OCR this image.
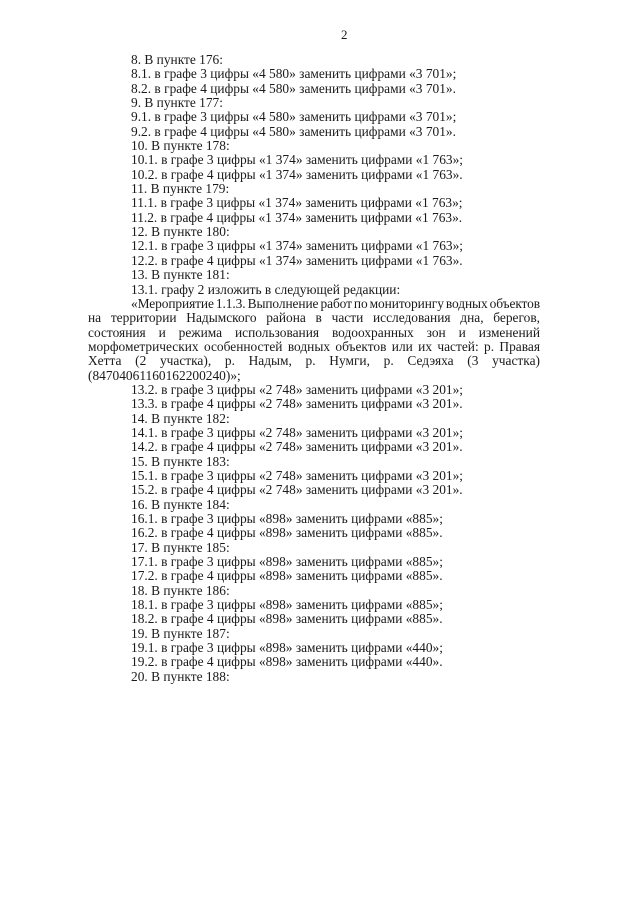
2
8. В пункте 176:
8.1. в графе 3 цифры «4 580» заменить цифрами «3 701»;
8.2. в графе 4 цифры «4 580» заменить цифрами «3 701».
9. В пункте 177:
9.1. в графе 3 цифры «4 580» заменить цифрами «3 701»;
9.2. в графе 4 цифры «4 580» заменить цифрами «3 701».
10. В пункте 178:
10.1. в графе 3 цифры «1 374» заменить цифрами «1 763»;
10.2. в графе 4 цифры «1 374» заменить цифрами «1 763».
11. В пункте 179:
11.1. в графе 3 цифры «1 374» заменить цифрами «1 763»;
11.2. в графе 4 цифры «1 374» заменить цифрами «1 763».
12. В пункте 180:
12.1. в графе 3 цифры «1 374» заменить цифрами «1 763»;
12.2. в графе 4 цифры «1 374» заменить цифрами «1 763».
13. В пункте 181:
13.1. графу 2 изложить в следующей редакции:
«Мероприятие 1.1.3. Выполнение работ по мониторингу водных объектов
на территории Надымского района в части исследования дна, берегов,
состояния и режима использования водоохранных зон и изменений
морфометрических особенностей водных объектов или их частей: р. Правая
Хетта (2 участка), р. Надым, р. Нумги, р. Седэяха (3 участка)
(84704061160162200240)»;
13.2. в графе 3 цифры «2 748» заменить цифрами «3 201»;
13.3. в графе 4 цифры «2 748» заменить цифрами «3 201».
14. В пункте 182:
14.1. в графе 3 цифры «2 748» заменить цифрами «3 201»;
14.2. в графе 4 цифры «2 748» заменить цифрами «3 201».
15. В пункте 183:
15.1. в графе 3 цифры «2 748» заменить цифрами «3 201»;
15.2. в графе 4 цифры «2 748» заменить цифрами «3 201».
16. В пункте 184:
16.1. в графе 3 цифры «898» заменить цифрами «885»;
16.2. в графе 4 цифры «898» заменить цифрами «885».
17. В пункте 185:
17.1. в графе 3 цифры «898» заменить цифрами «885»;
17.2. в графе 4 цифры «898» заменить цифрами «885».
18. В пункте 186:
18.1. в графе 3 цифры «898» заменить цифрами «885»;
18.2. в графе 4 цифры «898» заменить цифрами «885».
19. В пункте 187:
19.1. в графе 3 цифры «898» заменить цифрами «440»;
19.2. в графе 4 цифры «898» заменить цифрами «440».
20. В пункте 188:
